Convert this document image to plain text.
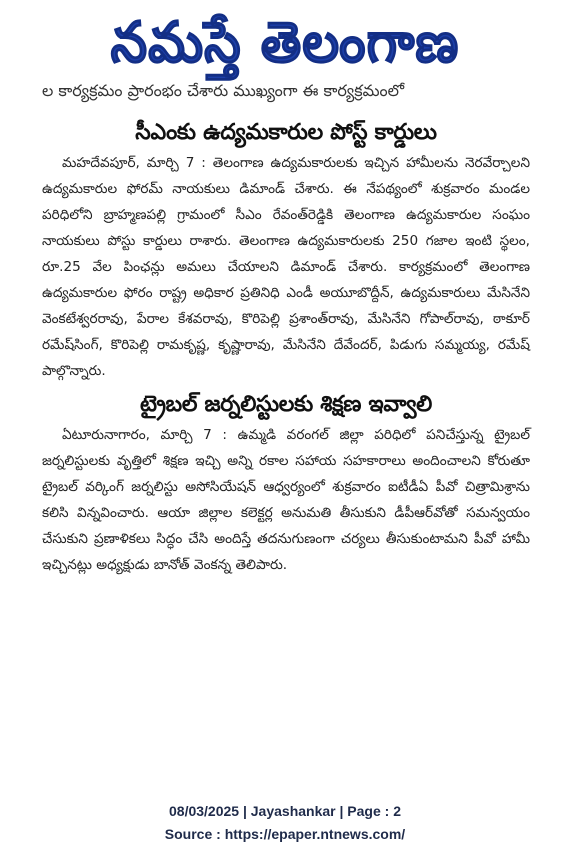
నమస్తే తెలంగాణ
ల కార్యక్రమం ప్రారంభం చేశారు ముఖ్యంగా ఈ కార్యక్రమంలో
సీఎంకు ఉద్యమకారుల పోస్ట్ కార్డులు

మహదేవపూర్, మార్చి 7 : తెలంగాణ ఉద్యమకారులకు ఇచ్చిన హామీలను నెరవేర్చాలని ఉద్యమకారుల ఫోరమ్ నాయకులు డిమాండ్ చేశారు. ఈ నేపథ్యంలో శుక్రవారం మండల పరిధిలోని బ్రాహ్మణపల్లి గ్రామంలో సీఎం రేవంత్‌రెడ్డికి తెలంగాణ ఉద్యమకారుల సంఘం నాయకులు పోస్టు కార్డులు రాశారు. తెలంగాణ ఉద్యమకారులకు 250 గజాల ఇంటి స్థలం, రూ.25 వేల పింఛన్లు అమలు చేయాలని డిమాండ్ చేశారు. కార్యక్రమంలో తెలంగాణ ఉద్యమకారుల ఫోరం రాష్ట్ర అధికార ప్రతినిధి ఎండీ అయూబొద్దీన్, ఉద్యమకారులు మేసినేని వెంకటేశ్వరరావు, పేరాల కేశవరావు, కొరిపెల్లి ప్రశాంత్‌రావు, మేసినేని గోపాల్‌రావు, ఠాకూర్ రమేష్‌సింగ్, కొరిపెల్లి రామకృష్ణ, కృష్ణారావు, మేసినేని దేవేందర్, పిడుగు సమ్మయ్య, రమేష్ పాల్గొన్నారు.

ట్రైబల్ జర్నలిస్టులకు శిక్షణ ఇవ్వాలి

ఏటూరునాగారం, మార్చి 7 : ఉమ్మడి వరంగల్ జిల్లా పరిధిలో పనిచేస్తున్న ట్రైబల్ జర్నలిస్టులకు వృత్తిలో శిక్షణ ఇచ్చి అన్ని రకాల సహాయ సహకారాలు అందించాలని కోరుతూ ట్రైబల్ వర్కింగ్ జర్నలిస్టు అసోసియేషన్ ఆధ్వర్యంలో శుక్రవారం ఐటీడీఏ పీవో చిత్రామిశ్రాను కలిసి విన్నవించారు. ఆయా జిల్లాల కలెక్టర్ల అనుమతి తీసుకుని డీపీఆర్‌వోతో సమన్వయం చేసుకుని ప్రణాళికలు సిద్ధం చేసి అందిస్తే తదనుగుణంగా చర్యలు తీసుకుంటామని పీవో హామీ ఇచ్చినట్లు అధ్యక్షుడు బానోత్ వెంకన్న తెలిపారు.

08/03/2025 | Jayashankar | Page : 2
Source : https://epaper.ntnews.com/
